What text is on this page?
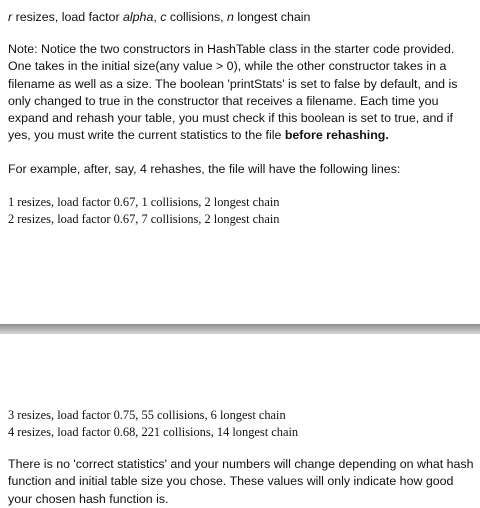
r resizes, load factor alpha, c collisions, n longest chain

Note: Notice the two constructors in HashTable class in the starter code provided. One takes in the initial size(any value > 0), while the other constructor takes in a filename as well as a size. The boolean 'printStats' is set to false by default, and is only changed to true in the constructor that receives a filename. Each time you expand and rehash your table, you must check if this boolean is set to true, and if yes, you must write the current statistics to the file before rehashing.

For example, after, say, 4 rehashes, the file will have the following lines:

1 resizes, load factor 0.67, 1 collisions, 2 longest chain
2 resizes, load factor 0.67, 7 collisions, 2 longest chain
3 resizes, load factor 0.75, 55 collisions, 6 longest chain
4 resizes, load factor 0.68, 221 collisions, 14 longest chain

There is no 'correct statistics' and your numbers will change depending on what hash function and initial table size you chose. These values will only indicate how good your chosen hash function is.
